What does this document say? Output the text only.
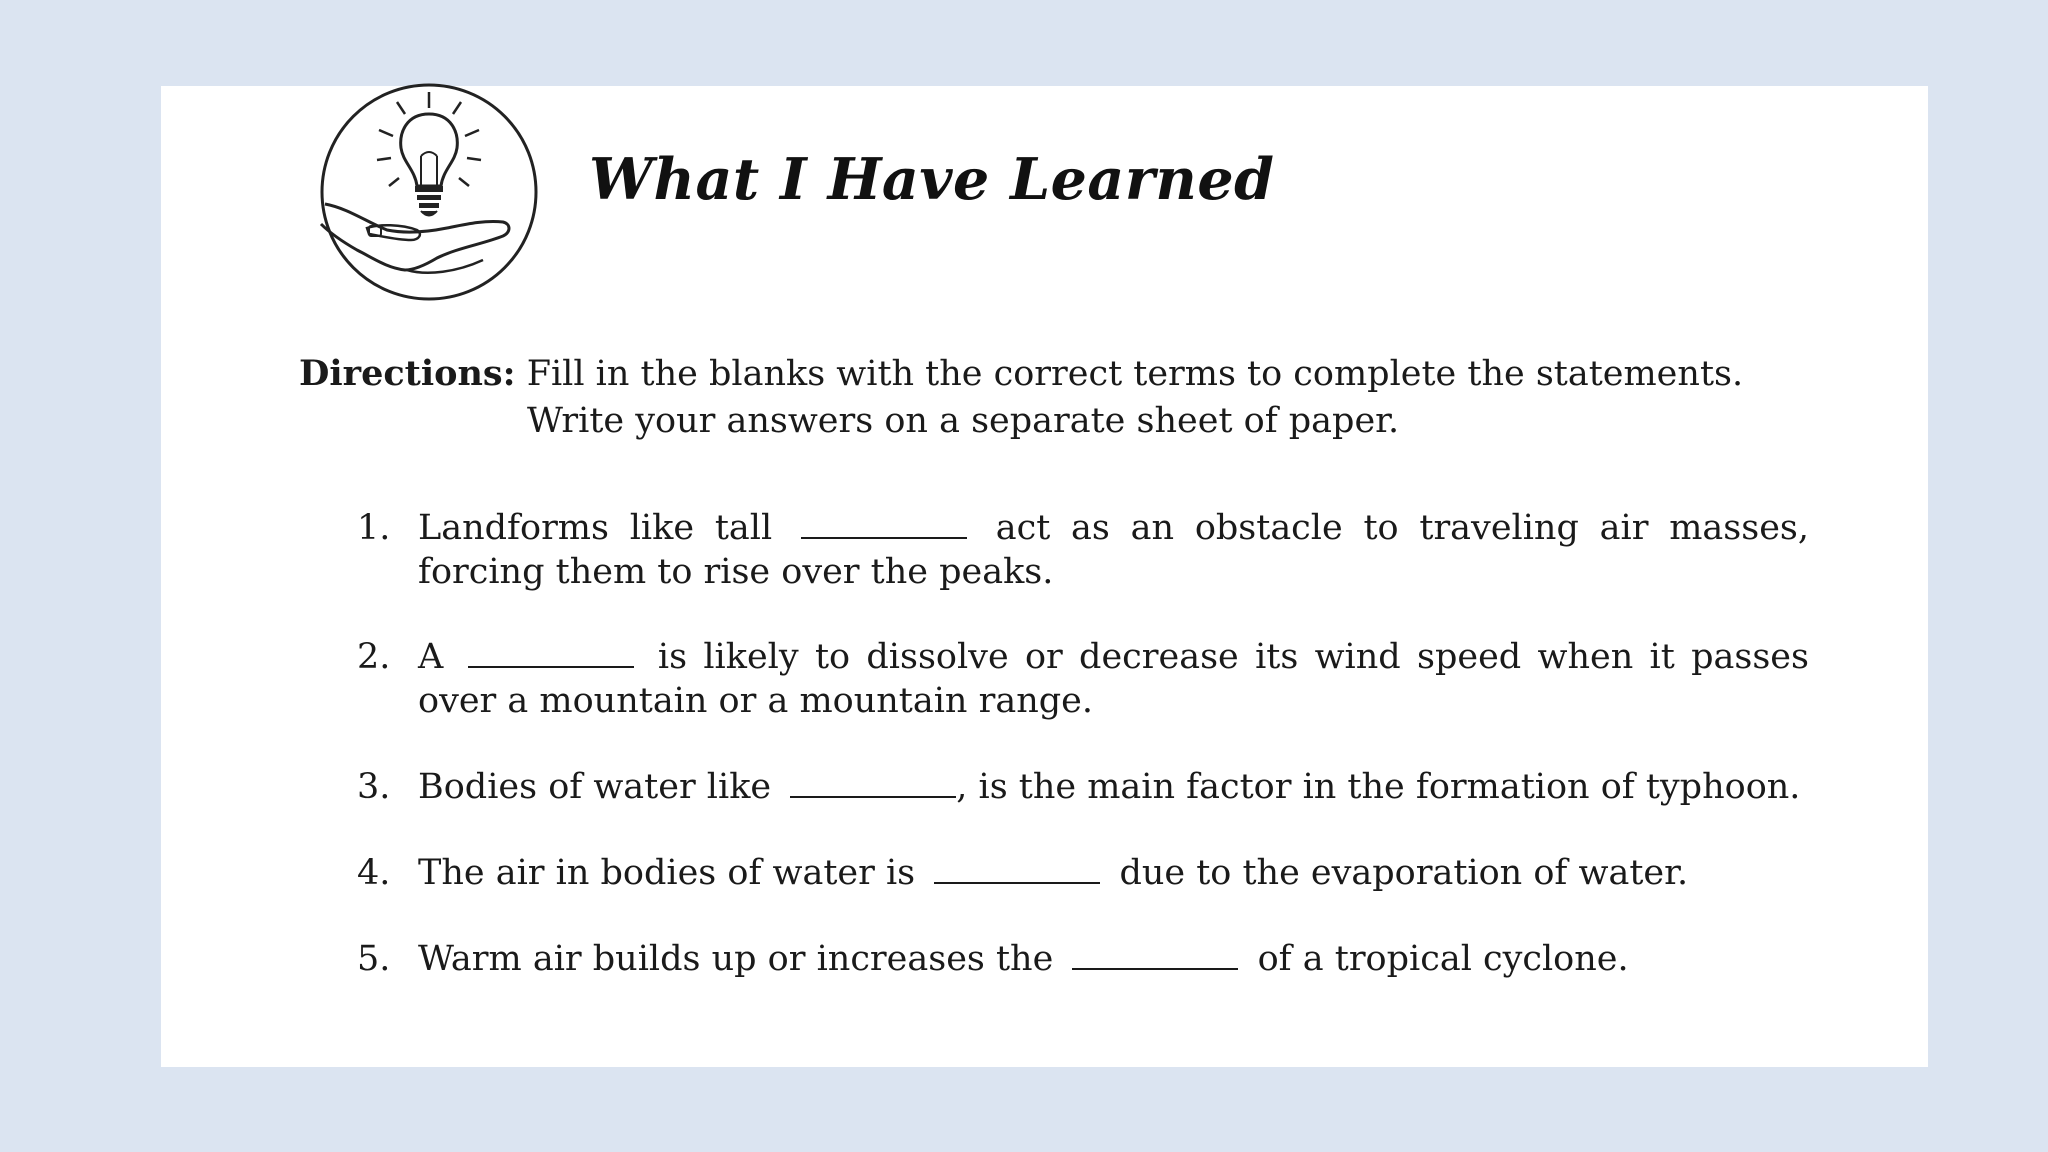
What I Have Learned
Directions: Fill in the blanks with the correct terms to complete the statements.
Write your answers on a separate sheet of paper.
1. Landforms like tall	act as an obstacle to traveling air masses, forcing them to rise over the peaks.
2. A	is likely to dissolve or decrease its wind speed when it passes over a mountain or a mountain range.
3. Bodies of water like	, is the main factor in the formation of typhoon.
4. The air in bodies of water is	due to the evaporation of water.
5. Warm air builds up or increases the	of a tropical cyclone.
